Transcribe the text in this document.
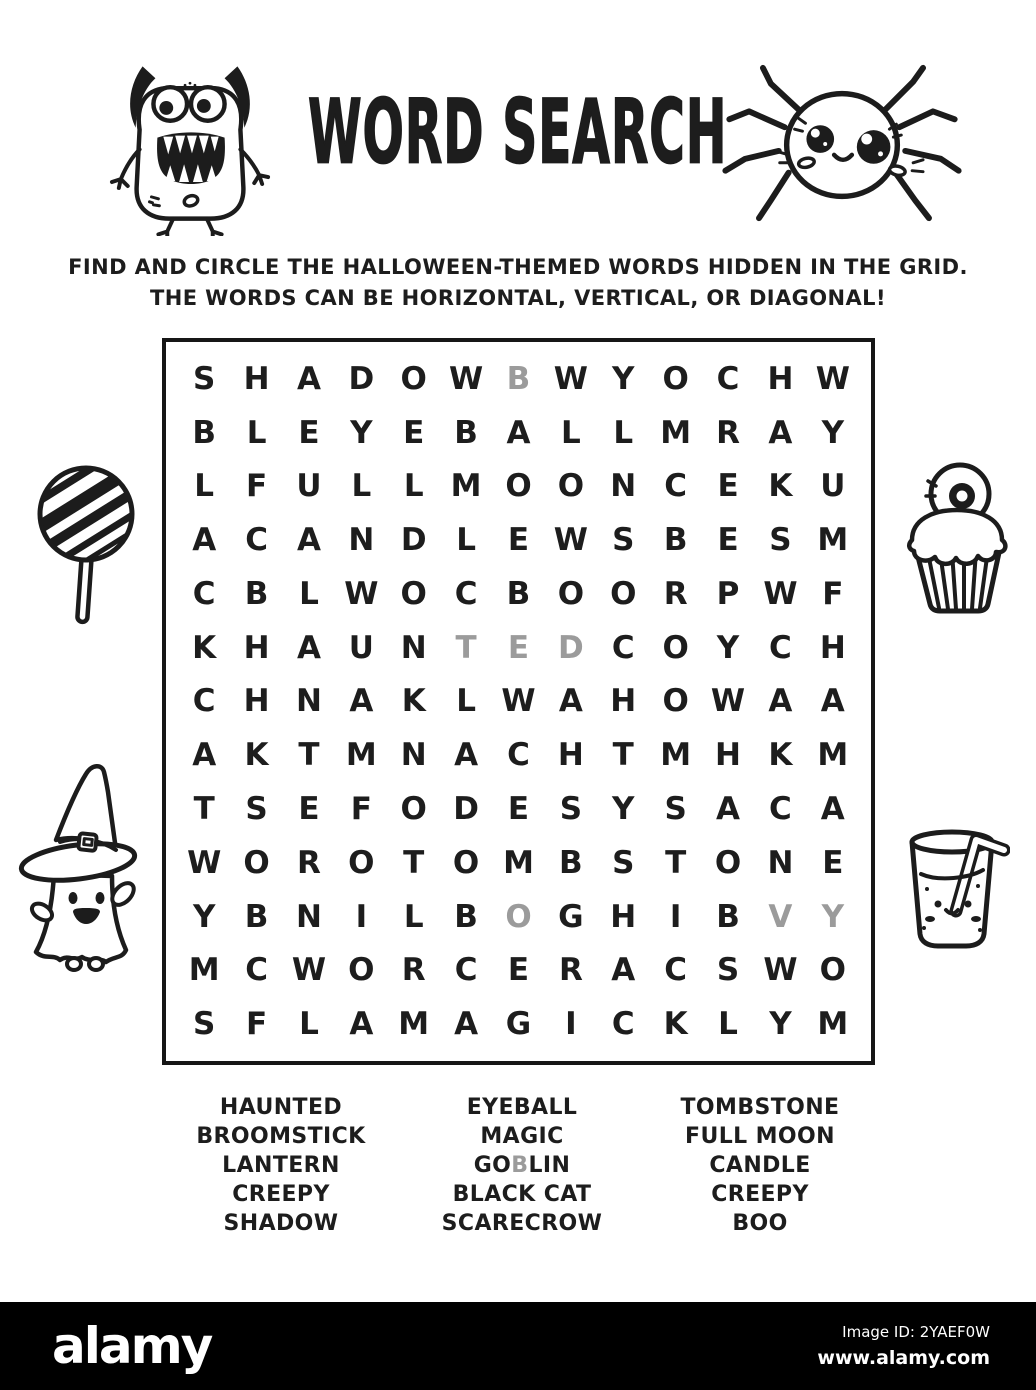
WORD SEARCH
FIND AND CIRCLE THE HALLOWEEN-THEMED WORDS HIDDEN IN THE GRID.
THE WORDS CAN BE HORIZONTAL, VERTICAL, OR DIAGONAL!
S H A D O W B W Y O C H W
B L	E Y E B A L	L M R A Y
L	F U L	L M O O N C E K U
A C A N D L	E W S B E S M
C B L W O C B O O R P W F
K H A U N T	E D C O Y C H
C H N A K L W A H O W A A
A K T M N A C H T M H K M
T S E	F O D E S Y S A C A
W O R O T O M B S T O N E
Y B N	I	L B O G H	I	B V Y
M C W O R C E R A C S W O
S F	L A M A G	I	C K L	Y M
HAUNTED
BROOMSTICK
LANTERN
CREEPY
SHADOW
EYEBALL
MAGIC
GOBLIN
BLACK CAT
SCARECROW
TOMBSTONE
FULL MOON
CANDLE
CREEPY
BOO
alamy	Image ID: 2YAEF0W
www.alamy.com
